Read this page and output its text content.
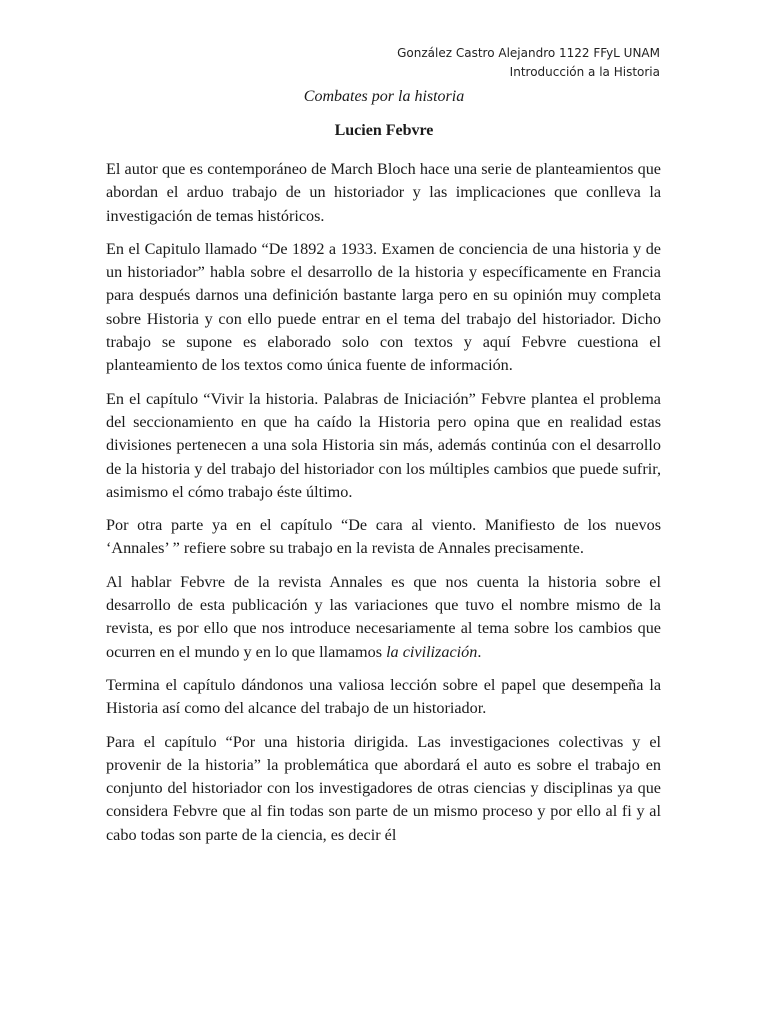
González Castro Alejandro 1122 FFyL UNAM
Introducción a la Historia
Combates por la historia
Lucien Febvre

El autor que es contemporáneo de March Bloch hace una serie de planteamientos que abordan el arduo trabajo de un historiador y las implicaciones que conlleva la investigación de temas históricos.

En el Capitulo llamado “De 1892 a 1933. Examen de conciencia de una historia y de un historiador” habla sobre el desarrollo de la historia y específicamente en Francia para después darnos una definición bastante larga pero en su opinión muy completa sobre Historia y con ello puede entrar en el tema del trabajo del historiador. Dicho trabajo se supone es elaborado solo con textos y aquí Febvre cuestiona el planteamiento de los textos como única fuente de información.

En el capítulo “Vivir la historia. Palabras de Iniciación” Febvre plantea el problema del seccionamiento en que ha caído la Historia pero opina que en realidad estas divisiones pertenecen a una sola Historia sin más, además continúa con el desarrollo de la historia y del trabajo del historiador con los múltiples cambios que puede sufrir, asimismo el cómo trabajo éste último.

Por otra parte ya en el capítulo “De cara al viento. Manifiesto de los nuevos ‘Annales’ ” refiere sobre su trabajo en la revista de Annales precisamente.

Al hablar Febvre de la revista Annales es que nos cuenta la historia sobre el desarrollo de esta publicación y las variaciones que tuvo el nombre mismo de la revista, es por ello que nos introduce necesariamente al tema sobre los cambios que ocurren en el mundo y en lo que llamamos la civilización.

Termina el capítulo dándonos una valiosa lección sobre el papel que desempeña la Historia así como del alcance del trabajo de un historiador.

Para el capítulo “Por una historia dirigida. Las investigaciones colectivas y el provenir de la historia” la problemática que abordará el auto es sobre el trabajo en conjunto del historiador con los investigadores de otras ciencias y disciplinas ya que considera Febvre que al fin todas son parte de un mismo proceso y por ello al fi y al cabo todas son parte de la ciencia, es decir él
